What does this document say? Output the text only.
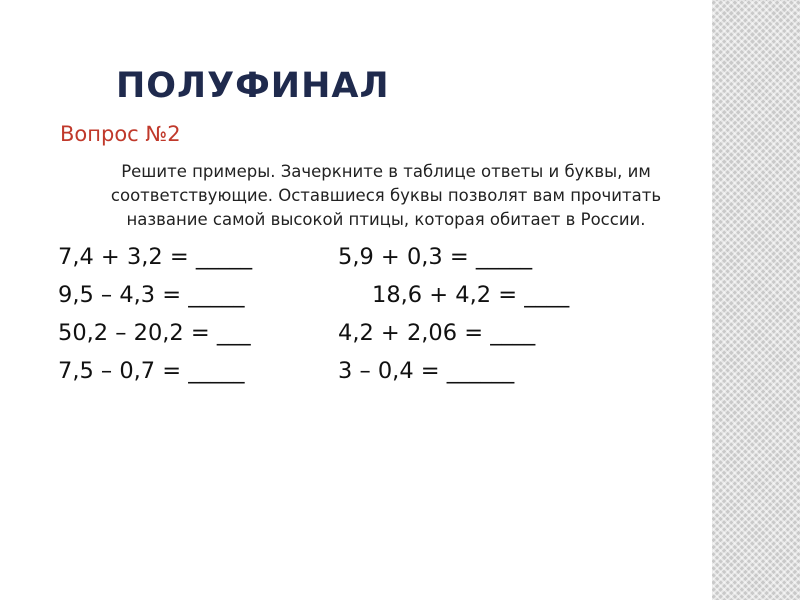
ПОЛУФИНАЛ
Вопрос №2
Решите примеры. Зачеркните в таблице ответы и буквы, им
соответствующие. Оставшиеся буквы позволят вам прочитать
название самой высокой птицы, которая обитает в России.
7,4 + 3,2 = _____
9,5 – 4,3 = _____
50,2 – 20,2 = ___
7,5 – 0,7 = _____
5,9 + 0,3 = _____
18,6 + 4,2 = ____
4,2 + 2,06 = ____
3 – 0,4 = ______
